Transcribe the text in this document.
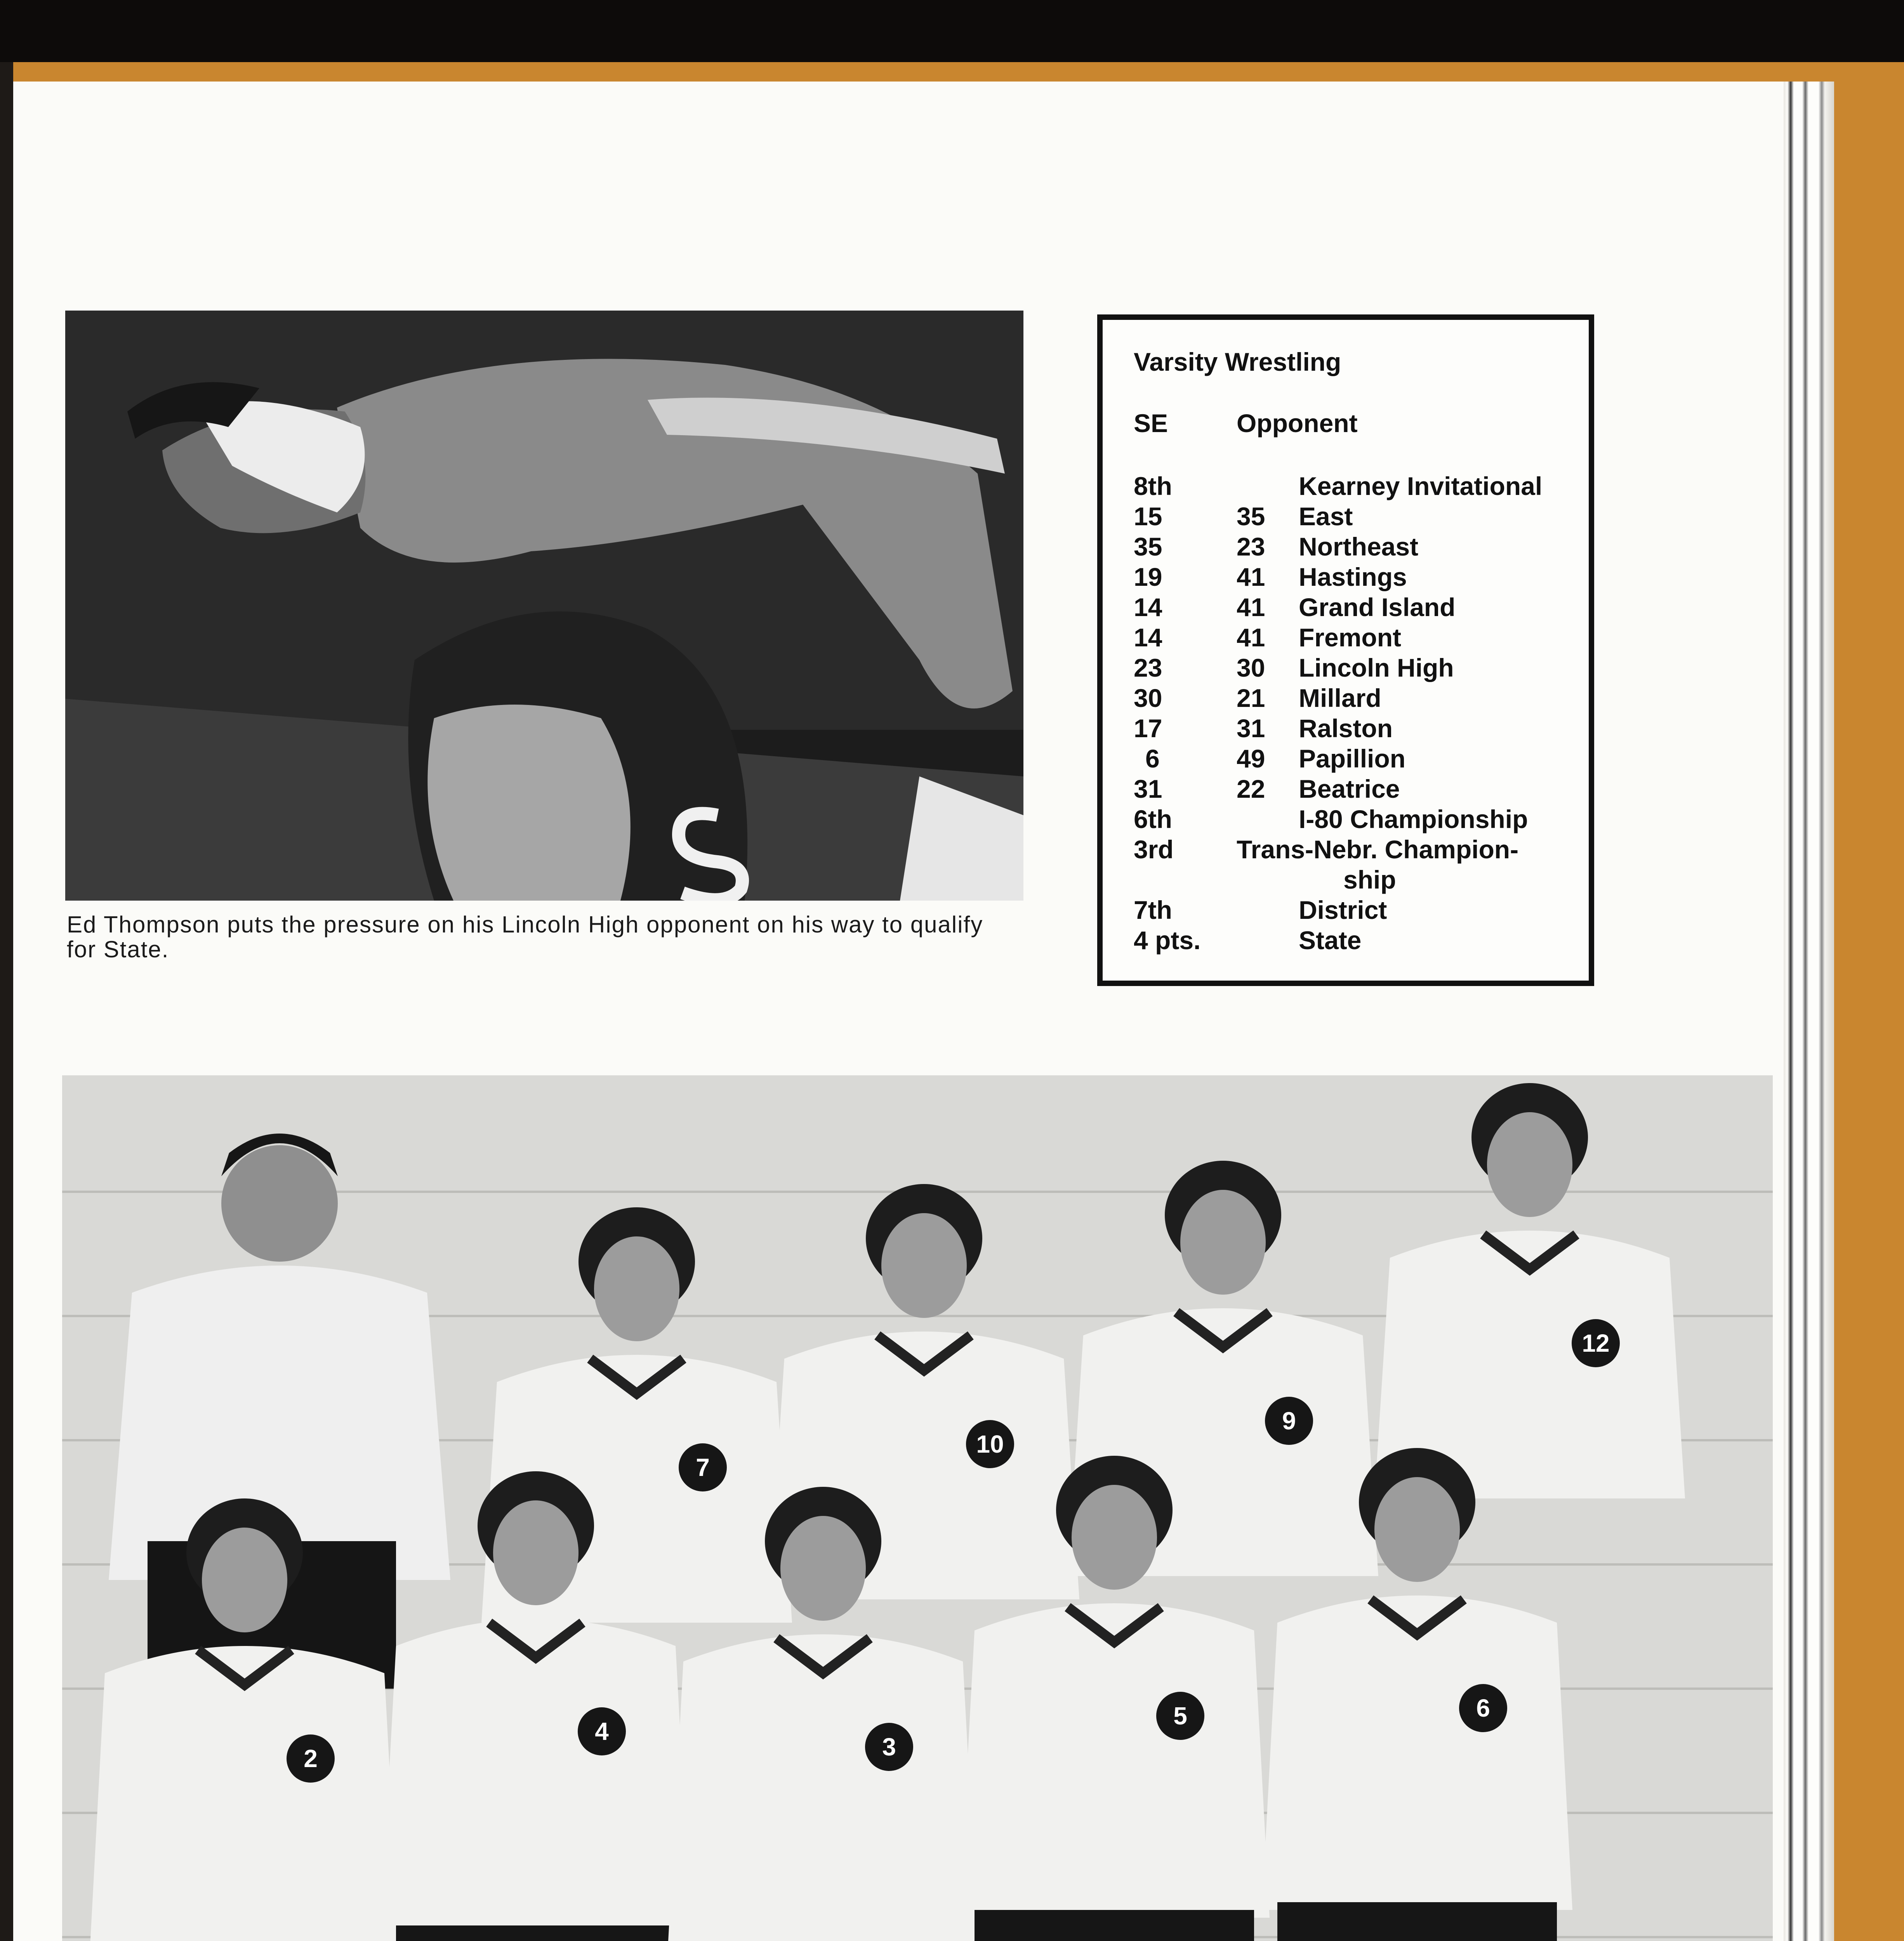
Ed Thompson puts the pressure on his Lincoln High opponent on his way to qualify for State.
Varsity Wrestling
SE	Opponent
8th	Kearney Invitational
15	35 East
35	23 Northeast
19	41 Hastings
14	41 Grand Island
14	41 Fremont
23	30 Lincoln High
30	21 Millard
17	31 Ralston
6	49 Papillion
31	22 Beatrice
6th	I-80 Championship
3rd Trans-Nebr. Champion-
ship
7th	District
4 pts.	State
7
10
9
12
2
4
3
5	6
